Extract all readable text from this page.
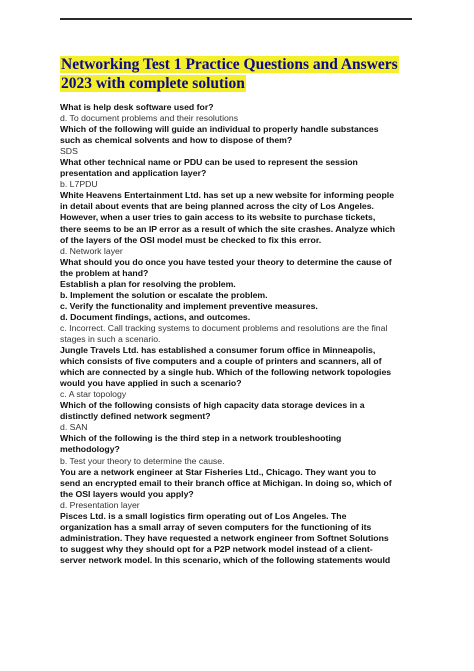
Networking Test 1 Practice Questions and Answers 2023 with complete solution
What is help desk software used for?
d. To document problems and their resolutions
Which of the following will guide an individual to properly handle substances
such as chemical solvents and how to dispose of them?
SDS
What other technical name or PDU can be used to represent the session
presentation and application layer?
b. L7PDU
White Heavens Entertainment Ltd. has set up a new website for informing people
in detail about events that are being planned across the city of Los Angeles.
However, when a user tries to gain access to its website to purchase tickets,
there seems to be an IP error as a result of which the site crashes. Analyze which
of the layers of the OSI model must be checked to fix this error.
d. Network layer
What should you do once you have tested your theory to determine the cause of
the problem at hand?
Establish a plan for resolving the problem.
b. Implement the solution or escalate the problem.
c. Verify the functionality and implement preventive measures.
d. Document findings, actions, and outcomes.
c. Incorrect. Call tracking systems to document problems and resolutions are the final
stages in such a scenario.
Jungle Travels Ltd. has established a consumer forum office in Minneapolis,
which consists of five computers and a couple of printers and scanners, all of
which are connected by a single hub. Which of the following network topologies
would you have applied in such a scenario?
c. A star topology
Which of the following consists of high capacity data storage devices in a
distinctly defined network segment?
d. SAN
Which of the following is the third step in a network troubleshooting
methodology?
b. Test your theory to determine the cause.
You are a network engineer at Star Fisheries Ltd., Chicago. They want you to
send an encrypted email to their branch office at Michigan. In doing so, which of
the OSI layers would you apply?
d. Presentation layer
Pisces Ltd. is a small logistics firm operating out of Los Angeles. The
organization has a small array of seven computers for the functioning of its
administration. They have requested a network engineer from Softnet Solutions
to suggest why they should opt for a P2P network model instead of a client-
server network model. In this scenario, which of the following statements would
